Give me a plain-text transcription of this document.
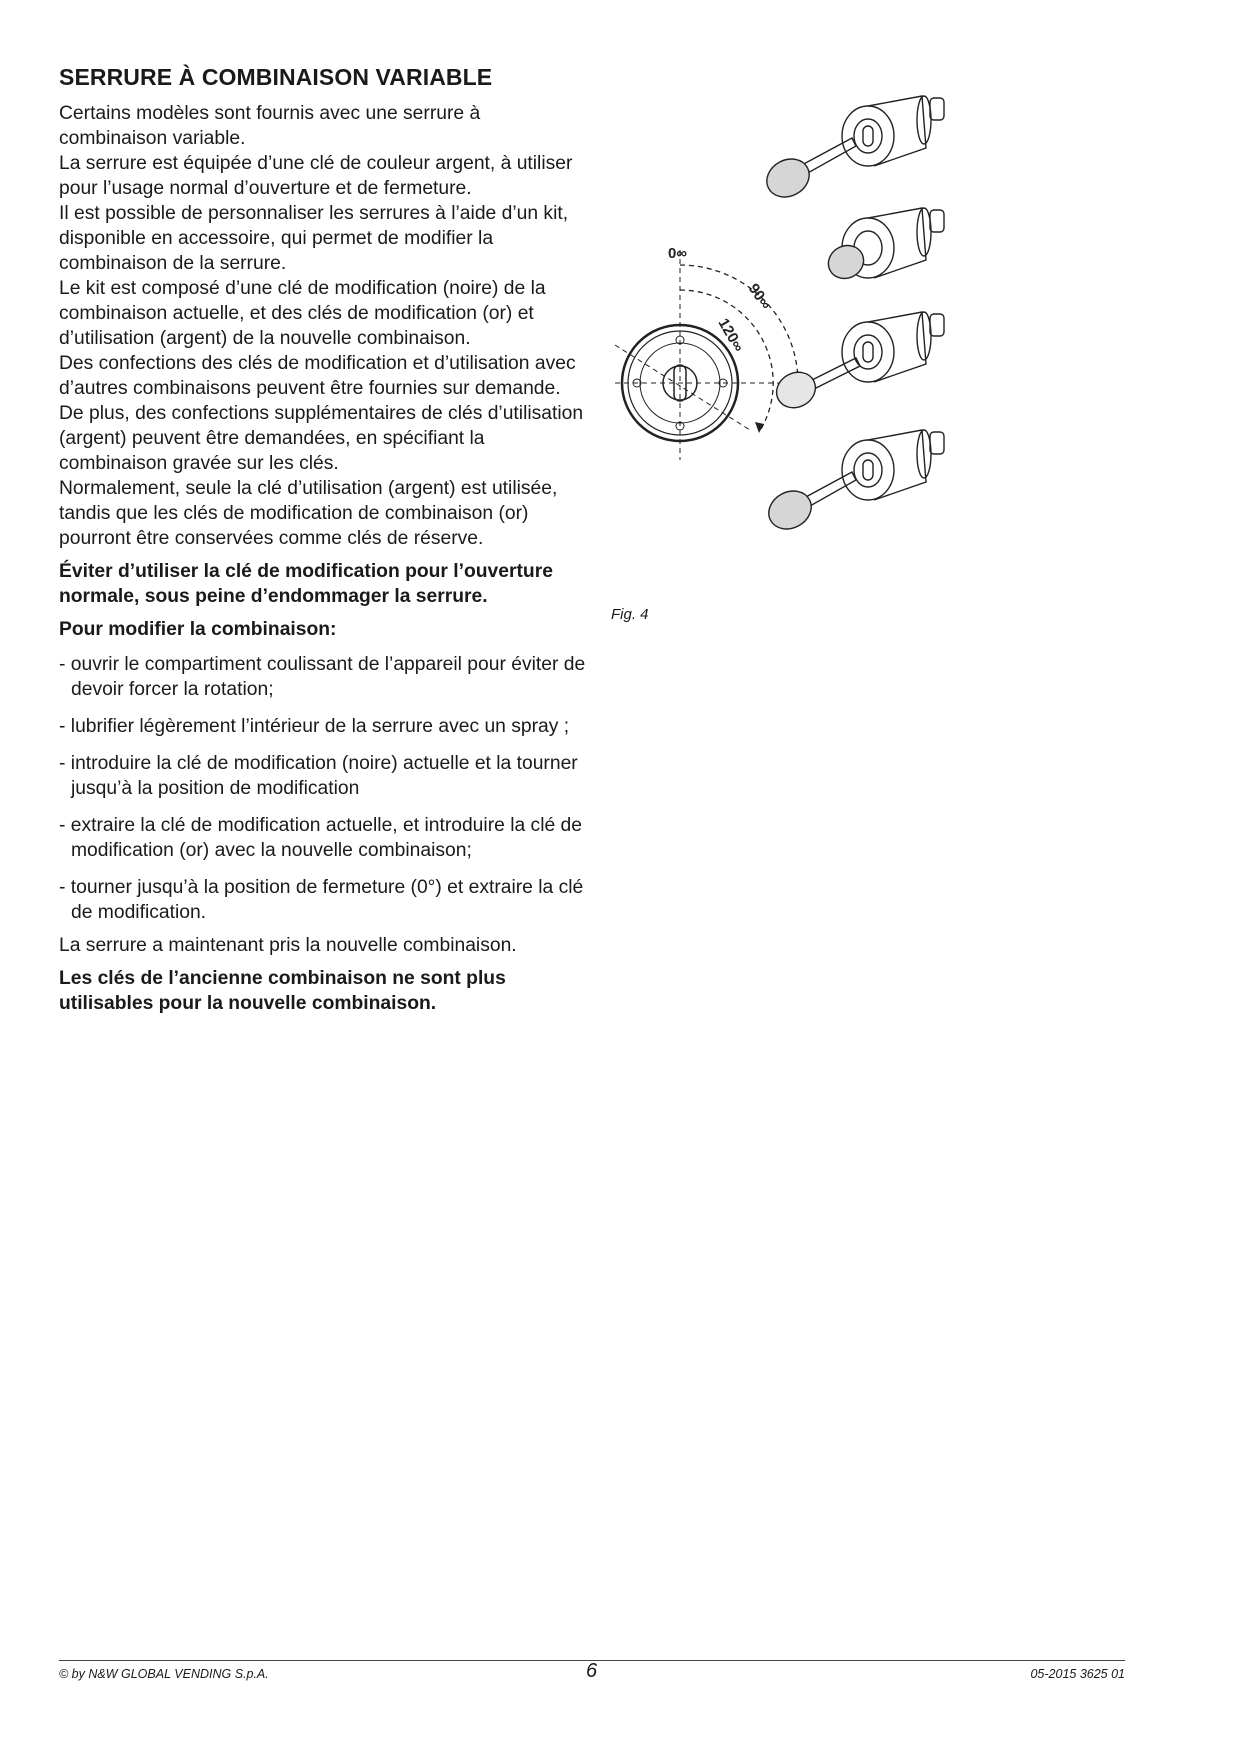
SERRURE À COMBINAISON VARIABLE

Certains modèles sont fournis avec une serrure à combinaison variable.

La serrure est équipée d’une clé de couleur argent, à utiliser pour l’usage normal d’ouverture et de fermeture.

Il est possible de personnaliser les serrures à l’aide d’un kit, disponible en accessoire, qui permet de modifier la combinaison de la serrure.

Le kit est composé d’une clé de modification (noire) de la combinaison actuelle, et des clés de modification (or) et d’utilisation (argent) de la nouvelle combinaison.

Des confections des clés de modification et d’utilisation avec d’autres combinaisons peuvent être fournies sur demande.

De plus, des confections supplémentaires de clés d’utilisation (argent) peuvent être demandées, en spécifiant la combinaison gravée sur les clés.

Normalement, seule la clé d’utilisation (argent) est utilisée, tandis que les clés de modification de combinaison (or) pourront être conservées comme clés de réserve.

Éviter d’utiliser la clé de modification pour l’ouverture normale, sous peine d’endommager la serrure.

Pour modifier la combinaison:

- ouvrir le compartiment coulissant de l’appareil pour éviter de devoir forcer la rotation;
- lubrifier légèrement l’intérieur de la serrure avec un spray ;
- introduire la clé de modification (noire) actuelle et la tourner jusqu’à la position de modification
- extraire la clé de modification actuelle, et introduire la clé de modification (or) avec la nouvelle combinaison;
- tourner jusqu’à la position de fermeture (0°) et extraire la clé de modification.

La serrure a maintenant pris la nouvelle combinaison.

Les clés de l’ancienne combinaison ne sont plus utilisables pour la nouvelle combinaison.

0∞
90∞
120∞
Fig. 4
© by N&W GLOBAL VENDING S.p.A.	6	05-2015 3625 01
